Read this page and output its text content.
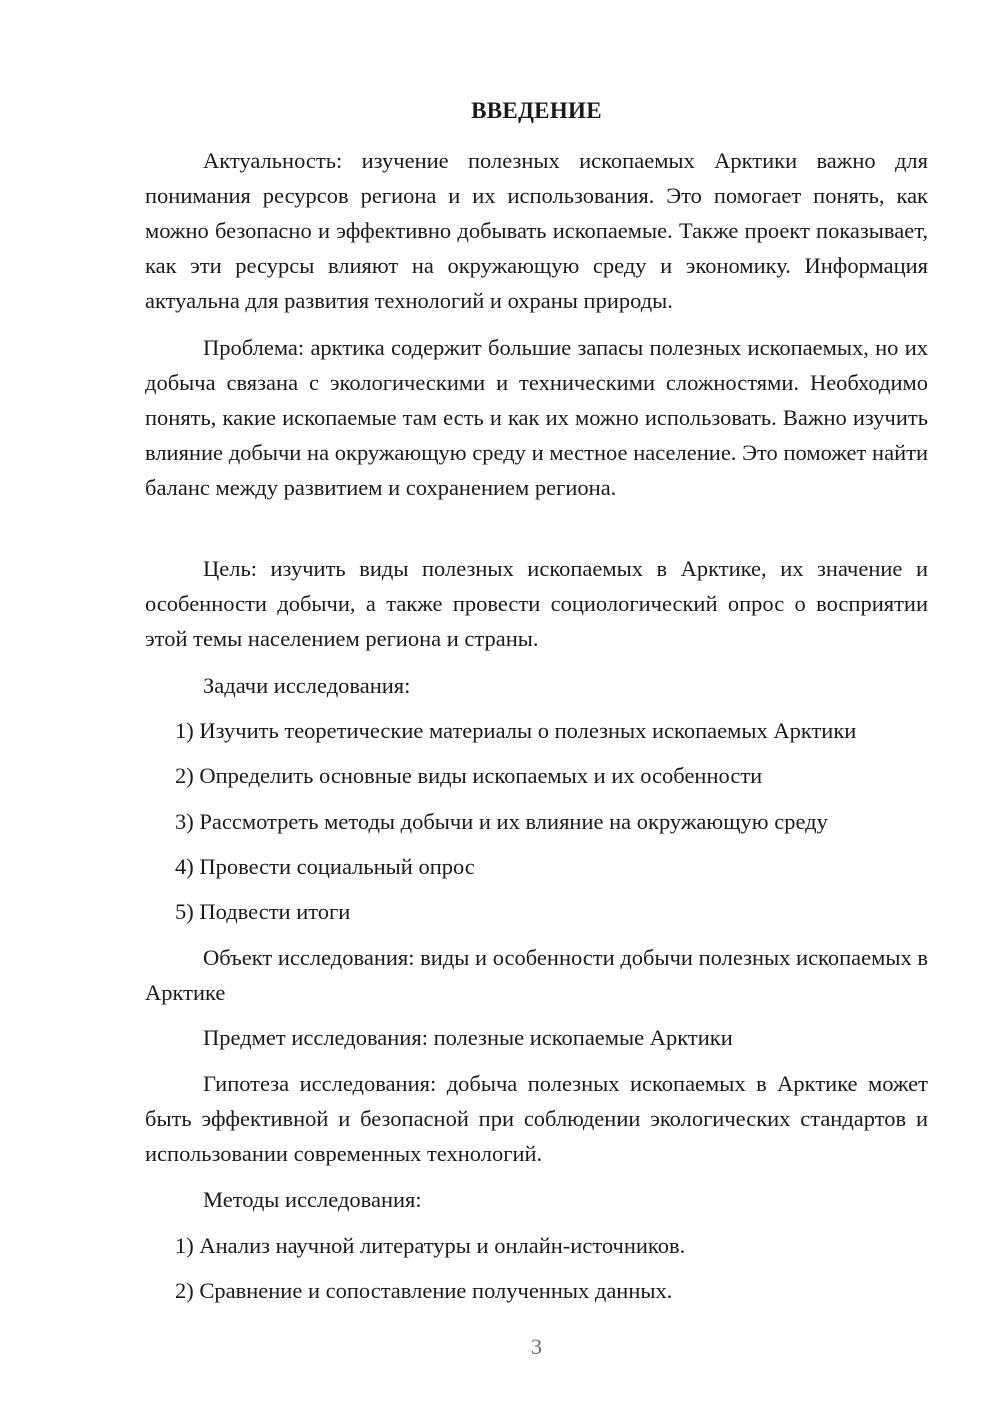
ВВЕДЕНИЕ

Актуальность: изучение полезных ископаемых Арктики важно для понимания ресурсов региона и их использования. Это помогает понять, как можно безопасно и эффективно добывать ископаемые. Также проект показывает, как эти ресурсы влияют на окружающую среду и экономику. Информация актуальна для развития технологий и охраны природы.

Проблема: арктика содержит большие запасы полезных ископаемых, но их добыча связана с экологическими и техническими сложностями. Необходимо понять, какие ископаемые там есть и как их можно использовать. Важно изучить влияние добычи на окружающую среду и местное население. Это поможет найти баланс между развитием и сохранением региона.

Цель: изучить виды полезных ископаемых в Арктике, их значение и особенности добычи, а также провести социологический опрос о восприятии этой темы населением региона и страны.

Задачи исследования:

1) Изучить теоретические материалы о полезных ископаемых Арктики

2) Определить основные виды ископаемых и их особенности

3) Рассмотреть методы добычи и их влияние на окружающую среду

4) Провести социальный опрос

5) Подвести итоги

Объект исследования: виды и особенности добычи полезных ископаемых в Арктике

Предмет исследования: полезные ископаемые Арктики

Гипотеза исследования: добыча полезных ископаемых в Арктике может быть эффективной и безопасной при соблюдении экологических стандартов и использовании современных технологий.

Методы исследования:

1) Анализ научной литературы и онлайн-источников.

2) Сравнение и сопоставление полученных данных.

3
